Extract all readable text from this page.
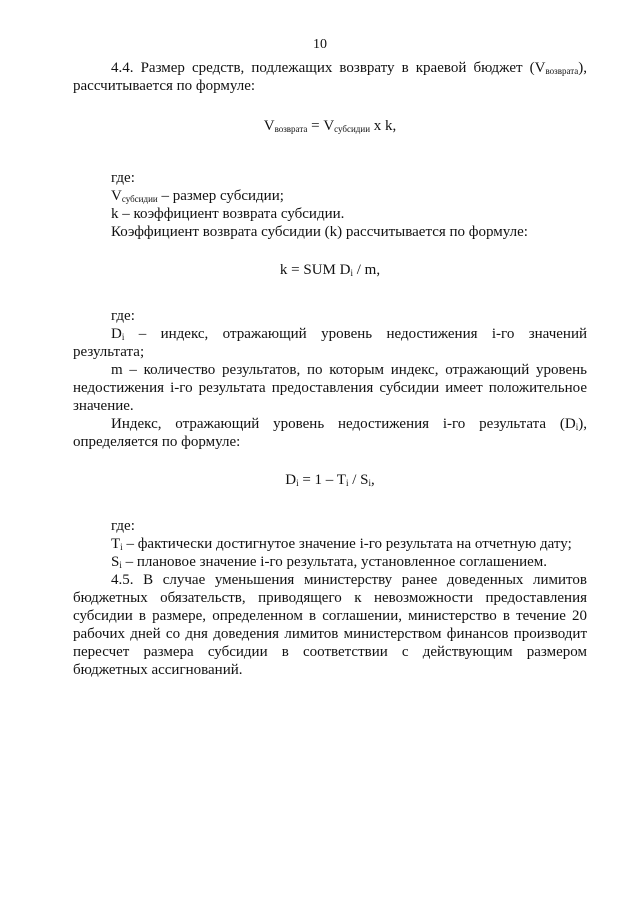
10

4.4. Размер средств, подлежащих возврату в краевой бюджет $(V_{возврата})$, рассчитывается по формуле:

$V_{возврата} = V_{субсидии}$ x k,

где:

$V_{субсидии}$ – размер субсидии;

k – коэффициент возврата субсидии.

Коэффициент возврата субсидии (k) рассчитывается по формуле:

k = SUM $D_i$ / m,

где:

$D_i$ – индекс, отражающий уровень недостижения i-го значений результата;

m – количество результатов, по которым индекс, отражающий уровень недостижения i-го результата предоставления субсидии имеет положительное значение.

Индекс, отражающий уровень недостижения i-го результата $(D_i)$, определяется по формуле:

$D_i = 1 - T_i / S_i$,

где:

$T_i$ – фактически достигнутое значение i-го результата на отчетную дату;

$S_i$ – плановое значение i-го результата, установленное соглашением.

4.5. В случае уменьшения министерству ранее доведенных лимитов бюджетных обязательств, приводящего к невозможности предоставления субсидии в размере, определенном в соглашении, министерство в течение 20 рабочих дней со дня доведения лимитов министерством финансов производит пересчет размера субсидии в соответствии с действующим размером бюджетных ассигнований.
